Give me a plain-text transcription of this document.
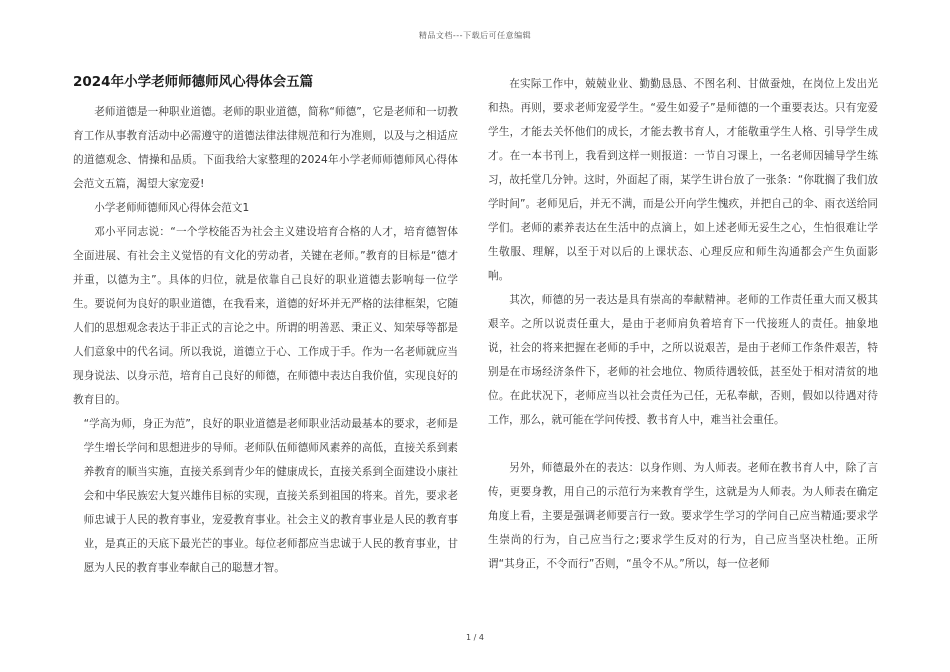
精品文档---下载后可任意编辑
2024年小学老师师德师风心得体会五篇

老师道德是一种职业道德。老师的职业道德，简称“师德”，它是老师和一切教育工作从事教育活动中必需遵守的道德法律法律规范和行为准则，以及与之相适应的道德观念、情操和品质。下面我给大家整理的2024年小学老师师德师风心得体会范文五篇，渴望大家宠爱!

小学老师师德师风心得体会范文1

邓小平同志说：“一个学校能否为社会主义建设培育合格的人才，培育德智体全面进展、有社会主义觉悟的有文化的劳动者，关键在老师。”教育的目标是“德才并重，以德为主”。具体的归位，就是依靠自己良好的职业道德去影响每一位学生。要说何为良好的职业道德，在我看来，道德的好坏并无严格的法律框架，它随人们的思想观念表达于非正式的言论之中。所谓的明善恶、秉正义、知荣辱等都是人们意象中的代名词。所以我说，道德立于心、工作成于手。作为一名老师就应当现身说法、以身示范，培育自己良好的师德，在师德中表达自我价值，实现良好的教育目的。

“学高为师，身正为范”，良好的职业道德是老师职业活动最基本的要求，老师是学生增长学问和思想进步的导师。老师队伍师德师风素养的高低，直接关系到素养教育的顺当实施，直接关系到青少年的健康成长，直接关系到全面建设小康社会和中华民族宏大复兴雄伟目标的实现，直接关系到祖国的将来。首先，要求老师忠诚于人民的教育事业，宠爱教育事业。社会主义的教育事业是人民的教育事业，是真正的天底下最光芒的事业。每位老师都应当忠诚于人民的教育事业，甘愿为人民的教育事业奉献自己的聪慧才智。

在实际工作中，兢兢业业、勤勤恳恳、不图名利、甘做蚕烛，在岗位上发出光和热。再则，要求老师宠爱学生。“爱生如爱子”是师德的一个重要表达。只有宠爱学生，才能去关怀他们的成长，才能去教书育人，才能敬重学生人格、引导学生成才。在一本书刊上，我看到这样一则报道：一节自习课上，一名老师因辅导学生练习，故托堂几分钟。这时，外面起了雨，某学生讲台放了一张条：“你耽搁了我们放学时间”。老师见后，并无不满，而是公开向学生愧疚，并把自己的伞、雨衣送给同学们。老师的素养表达在生活中的点滴上，如上述老师无妥生之心，生怕很难让学生敬服、理解，以至于对以后的上课状态、心理反应和师生沟通都会产生负面影响。

其次，师德的另一表达是具有崇高的奉献精神。老师的工作责任重大而又极其艰辛。之所以说责任重大，是由于老师肩负着培育下一代接班人的责任。抽象地说，社会的将来把握在老师的手中，之所以说艰苦，是由于老师工作条件艰苦，特别是在市场经济条件下，老师的社会地位、物质待遇较低，甚至处于相对清贫的地位。在此状况下，老师应当以社会责任为己任，无私奉献，否则，假如以待遇对待工作，那么，就可能在学问传授、教书育人中，难当社会重任。

另外，师德最外在的表达：以身作则、为人师表。老师在教书育人中，除了言传，更要身教，用自己的示范行为来教育学生，这就是为人师表。为人师表在确定角度上看，主要是强调老师要言行一致。要求学生学习的学问自己应当精通;要求学生崇尚的行为，自己应当行之;要求学生反对的行为，自己应当坚决杜绝。正所谓“其身正，不令而行”否则，“虽令不从。”所以，每一位老师

1 / 4
